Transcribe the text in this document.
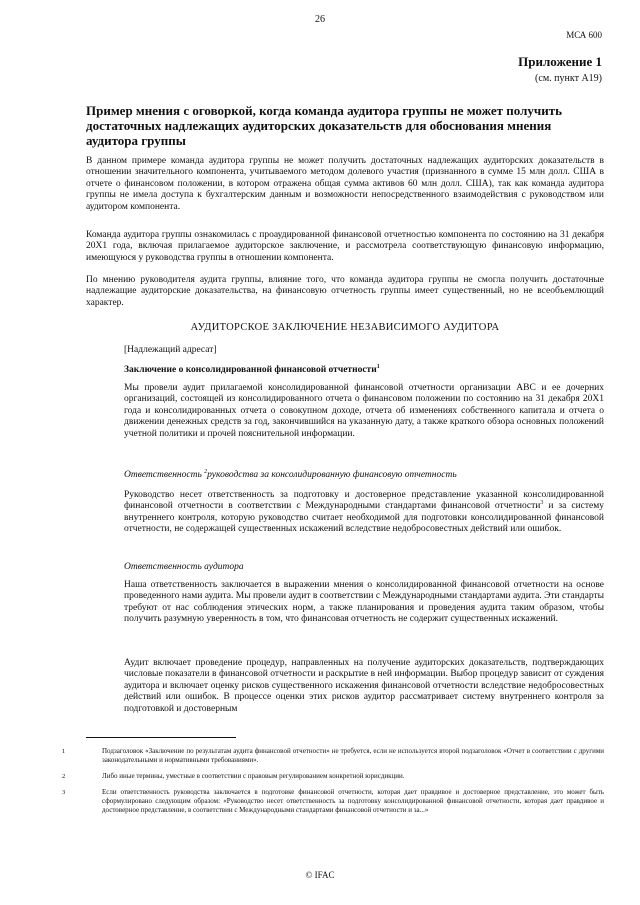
26
МСА 600
Приложение 1
(см. пункт А19)
Пример мнения с оговоркой, когда команда аудитора группы не может получить достаточных надлежащих аудиторских доказательств для обоснования мнения аудитора группы

В данном примере команда аудитора группы не может получить достаточных надлежащих аудиторских доказательств в отношении значительного компонента, учитываемого методом долевого участия (признанного в сумме 15 млн долл. США в отчете о финансовом положении, в котором отражена общая сумма активов 60 млн долл. США), так как команда аудитора группы не имела доступа к бухгалтерским данным и возможности непосредственного взаимодействия с руководством или аудитором компонента.

Команда аудитора группы ознакомилась с проаудированной финансовой отчетностью компонента по состоянию на 31 декабря 20X1 года, включая прилагаемое аудиторское заключение, и рассмотрела соответствующую финансовую информацию, имеющуюся у руководства группы в отношении компонента.

По мнению руководителя аудита группы, влияние того, что команда аудитора группы не смогла получить достаточные надлежащие аудиторские доказательства, на финансовую отчетность группы имеет существенный, но не всеобъемлющий характер.

АУДИТОРСКОЕ ЗАКЛЮЧЕНИЕ НЕЗАВИСИМОГО АУДИТОРА

[Надлежащий адресат]

Заключение о консолидированной финансовой отчетности$^1$

Мы провели аудит прилагаемой консолидированной финансовой отчетности организации ABC и ее дочерних организаций, состоящей из консолидированного отчета о финансовом положении по состоянию на 31 декабря 20X1 года и консолидированных отчета о совокупном доходе, отчета об изменениях собственного капитала и отчета о движении денежных средств за год, закончившийся на указанную дату, а также краткого обзора основных положений учетной политики и прочей пояснительной информации.

Ответственность $^2$руководства за консолидированную финансовую отчетность

Руководство несет ответственность за подготовку и достоверное представление указанной консолидированной финансовой отчетности в соответствии с Международными стандартами финансовой отчетности$^3$ и за систему внутреннего контроля, которую руководство считает необходимой для подготовки консолидированной финансовой отчетности, не содержащей существенных искажений вследствие недобросовестных действий или ошибок.

Ответственность аудитора

Наша ответственность заключается в выражении мнения о консолидированной финансовой отчетности на основе проведенного нами аудита. Мы провели аудит в соответствии с Международными стандартами аудита. Эти стандарты требуют от нас соблюдения этических норм, а также планирования и проведения аудита таким образом, чтобы получить разумную уверенность в том, что финансовая отчетность не содержит существенных искажений.

Аудит включает проведение процедур, направленных на получение аудиторских доказательств, подтверждающих числовые показатели в финансовой отчетности и раскрытие в ней информации. Выбор процедур зависит от суждения аудитора и включает оценку рисков существенного искажения финансовой отчетности вследствие недобросовестных действий или ошибок. В процессе оценки этих рисков аудитор рассматривает систему внутреннего контроля за подготовкой и достоверным

1	Подзаголовок «Заключение по результатам аудита финансовой отчетности» не требуется, если не используется второй подзаголовок «Отчет в соответствии с другими законодательными и нормативными требованиями».
2	Либо иные термины, уместные в соответствии с правовым регулированием конкретной юрисдикции.
3	Если ответственность руководства заключается в подготовке финансовой отчетности, которая дает правдивое и достоверное представление, это может быть сформулировано следующим образом: «Руководство несет ответственность за подготовку консолидированной финансовой отчетности, которая дает правдивое и достоверное представление, в соответствии с Международными стандартами финансовой отчетности и за...»
© IFAC
